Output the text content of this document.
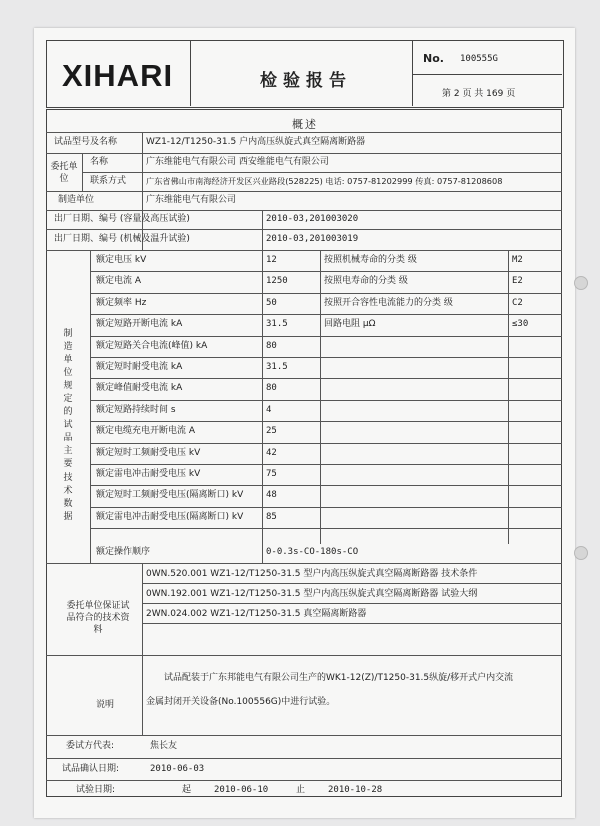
XIHARI	检验报告
No. 100555G
第 2 页 共 169 页
概述
试品型号及名称	WZ1-12/T1250-31.5 户内高压纵旋式真空隔离断路器
委托单位
名称	广东维能电气有限公司 西安维能电气有限公司
联系方式 广东省佛山市南海经济开发区兴业路段(528225) 电话: 0757-81202999 传真: 0757-81208608
制造单位	广东维能电气有限公司
出厂日期、编号 (容量及高压试验)	2010-03,201003020
出厂日期、编号 (机械及温升试验)	2010-03,201003019
制造单位规定的试品主要技术数据
额定电压 kV	12	按照机械寿命的分类 级	M2
额定电流 A	1250	按照电寿命的分类 级	E2
额定频率 Hz	50	按照开合容性电流能力的分类 级	C2
额定短路开断电流 kA	31.5	回路电阻 μΩ	≤30
额定短路关合电流(峰值) kA	80
额定短时耐受电流 kA	31.5
额定峰值耐受电流 kA	80
额定短路持续时间 s	4
额定电缆充电开断电流 A	25
额定短时工频耐受电压 kV	42
额定雷电冲击耐受电压 kV	75
额定短时工频耐受电压(隔离断口) kV	48
额定雷电冲击耐受电压(隔离断口) kV	85
额定操作顺序	0-0.3s-CO-180s-CO
委托单位保证试品符合的技术资料
0WN.520.001 WZ1-12/T1250-31.5 型户内高压纵旋式真空隔离断路器 技术条件
0WN.192.001 WZ1-12/T1250-31.5 型户内高压纵旋式真空隔离断路器 试验大纲
2WN.024.002 WZ1-12/T1250-31.5 真空隔离断路器
说明
试品配装于广东邦能电气有限公司生产的WK1-12(Z)/T1250-31.5纵旋/移开式户内交流
金属封闭开关设备(No.100556G)中进行试验。
委试方代表:	焦长友
试品确认日期:	2010-06-03
试验日期:	起	2010-06-10	止	2010-10-28
